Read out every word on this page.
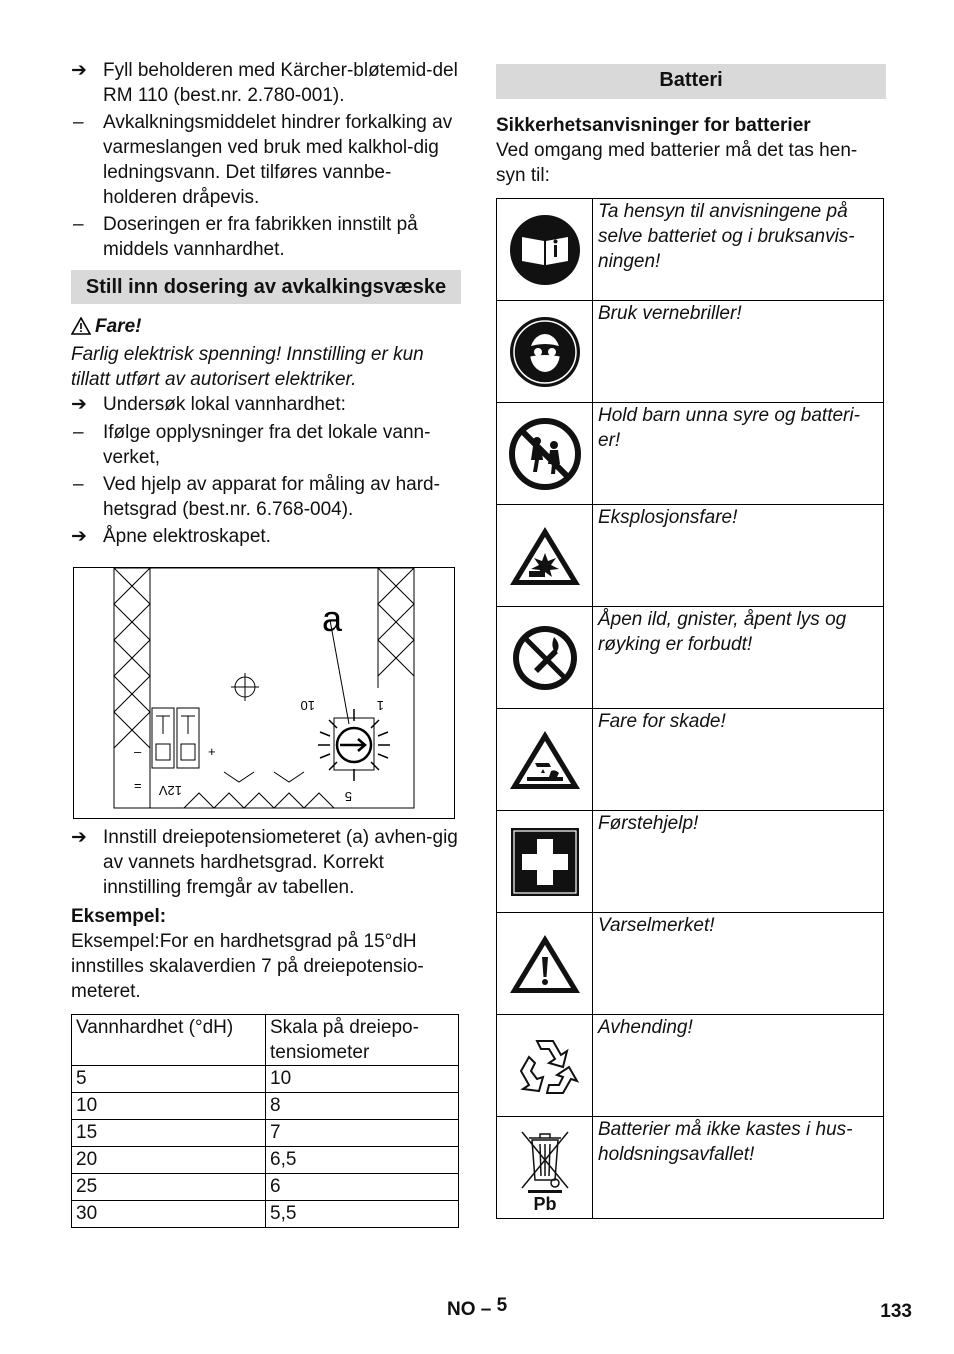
➔ Fyll beholderen med Kärcher-bløtemid-del RM 110 (best.nr. 2.780-001).
–	Avkalkningsmiddelet hindrer forkalking av varmeslangen ved bruk med kalkhol-dig ledningsvann. Det tilføres vannbe-holderen dråpevis.
–	Doseringen er fra fabrikken innstilt på middels vannhardhet.
Still inn dosering av avkalkingsvæske
Fare!
Farlig elektrisk spenning! Innstilling er kun tillatt utført av autorisert elektriker.
➔ Undersøk lokal vannhardhet:
–	Ifølge opplysninger fra det lokale vann-verket,
–	Ved hjelp av apparat for måling av hard-hetsgrad (best.nr. 6.768-004).
➔ Åpne elektroskapet.
a
10	1
5
12V
–	+
=
➔ Innstill dreiepotensiometeret (a) avhen-gig av vannets hardhetsgrad. Korrekt innstilling fremgår av tabellen.
Eksempel:
Eksempel:For en hardhetsgrad på 15°dH innstilles skalaverdien 7 på dreiepotensio-meteret.
Vannhardhet (°dH)	Skala på dreiepo-tensiometer
5	10
10	8
15	7
20	6,5
25	6
30	5,5
Batteri
Sikkerhetsanvisninger for batterier
Ved omgang med batterier må det tas hen-syn til:
	Ta hensyn til anvisningene på selve batteriet og i bruksanvis-ningen!

	Bruk vernebriller!

	Hold barn unna syre og batteri-er!

	Eksplosjonsfare!

	Åpen ild, gnister, åpent lys og røyking er forbudt!

	Fare for skade!

	Førstehjelp!

	Varselmerket!

	Avhending!

Pb	Batterier må ikke kastes i hus-holdsningsavfallet!
NO – 5	133
